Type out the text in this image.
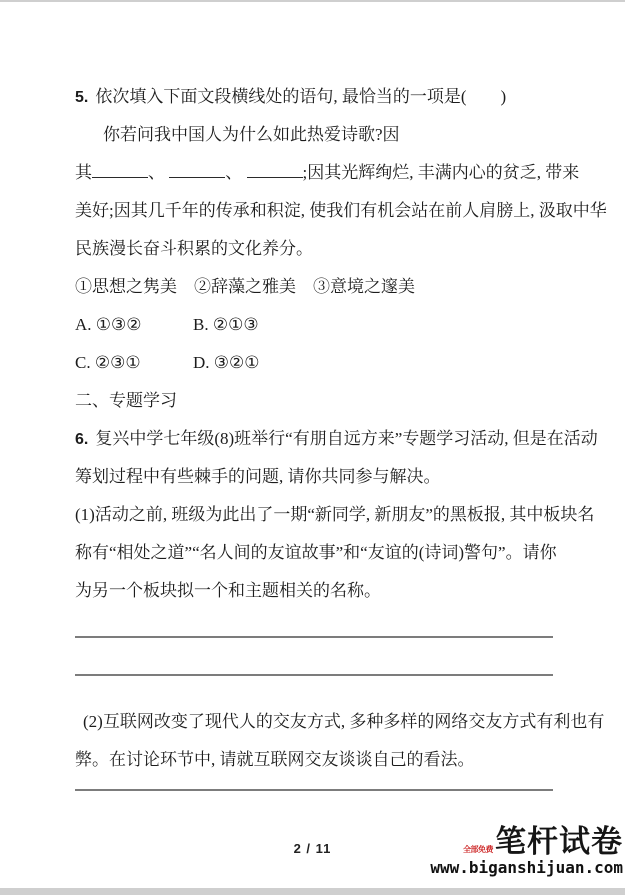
5. 依次填入下面文段横线处的语句, 最恰当的一项是(　　)
你若问我中国人为什么如此热爱诗歌?因
其	、	、	;因其光辉绚烂, 丰满内心的贫乏, 带来
美好;因其几千年的传承和积淀, 使我们有机会站在前人肩膀上, 汲取中华
民族漫长奋斗积累的文化养分。
①思想之隽美　②辞藻之雅美　③意境之邃美
A. ①③②	B. ②①③
C. ②③①	D. ③②①
二、专题学习
6. 复兴中学七年级(8)班举行“有朋自远方来”专题学习活动, 但是在活动
筹划过程中有些棘手的问题, 请你共同参与解决。
(1)活动之前, 班级为此出了一期“新同学, 新朋友”的黑板报, 其中板块名
称有“相处之道”“名人间的友谊故事”和“友谊的(诗词)警句”。请你
为另一个板块拟一个和主题相关的名称。
(2)互联网改变了现代人的交友方式, 多种多样的网络交友方式有利也有
弊。在讨论环节中, 请就互联网交友谈谈自己的看法。
2 / 11	全部免费 笔杆试卷
www.biganshijuan.com
